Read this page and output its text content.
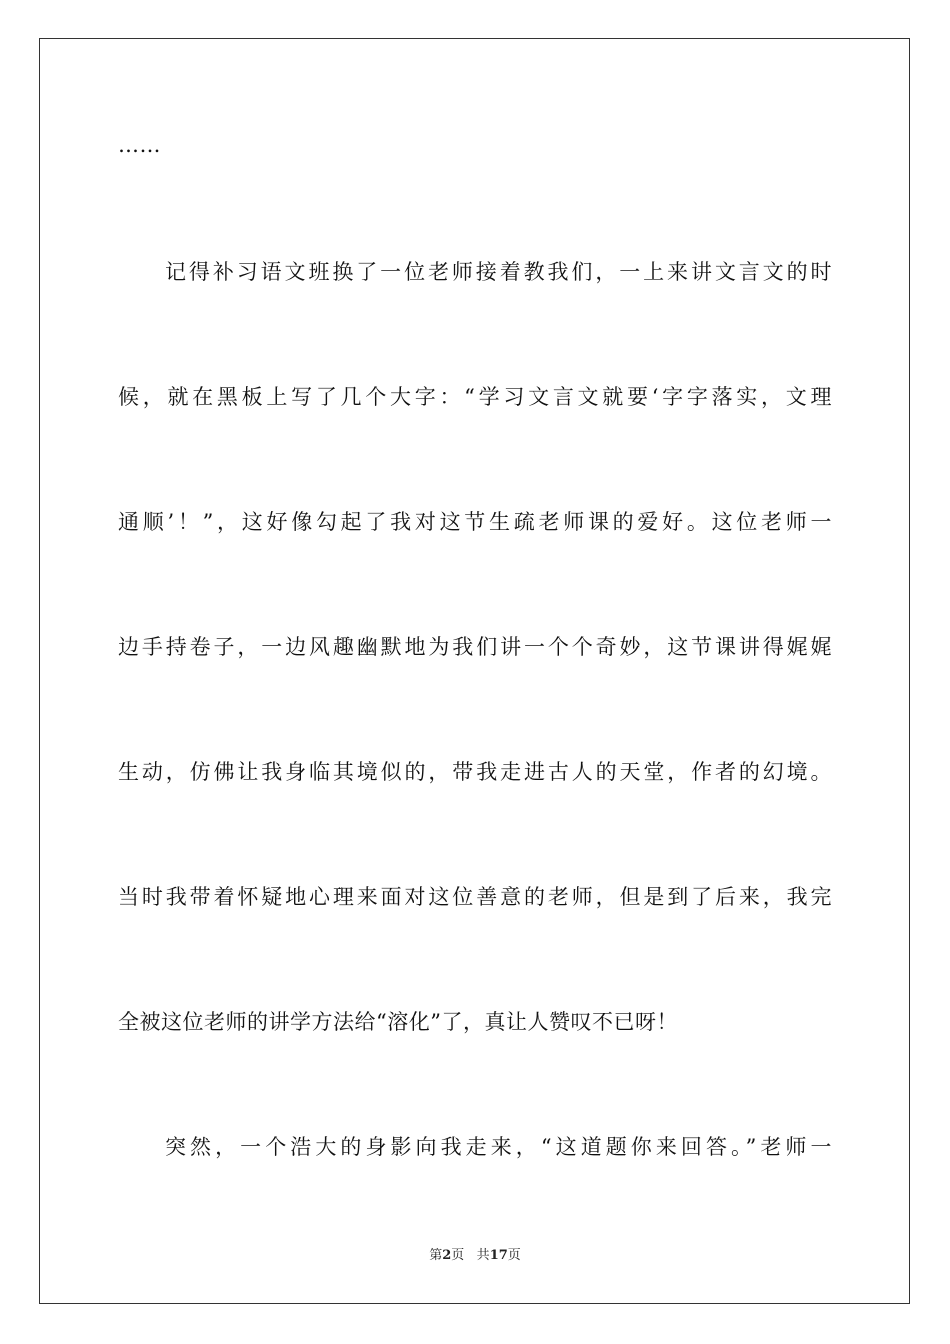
……
记得补习语文班换了一位老师接着教我们，一上来讲文言文的时
候，就在黑板上写了几个大字：“学习文言文就要‘字字落实，文理
通顺’！”，这好像勾起了我对这节生疏老师课的爱好。这位老师一
边手持卷子，一边风趣幽默地为我们讲一个个奇妙，这节课讲得娓娓
生动，仿佛让我身临其境似的，带我走进古人的天堂，作者的幻境。
当时我带着怀疑地心理来面对这位善意的老师，但是到了后来，我完
全被这位老师的讲学方法给“溶化”了，真让人赞叹不已呀！
突然，一个浩大的身影向我走来，“这道题你来回答。”老师一
第2页 共17页
